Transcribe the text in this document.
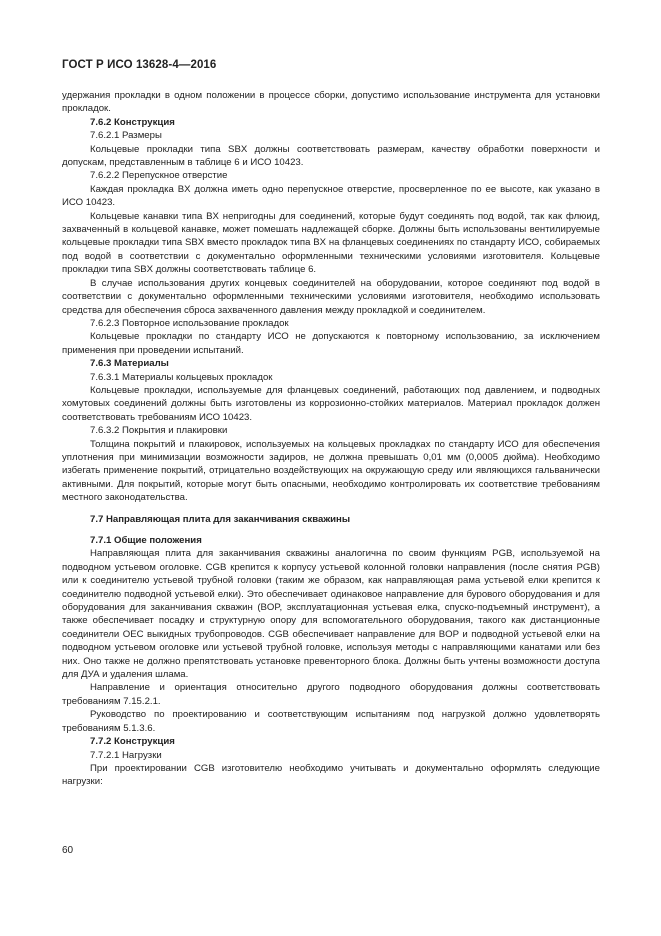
ГОСТ Р ИСО 13628-4—2016
удержания прокладки в одном положении в процессе сборки, допустимо использование инструмента для установки прокладок.
7.6.2 Конструкция
7.6.2.1 Размеры
Кольцевые прокладки типа SBX должны соответствовать размерам, качеству обработки поверхности и допускам, представленным в таблице 6 и ИСО 10423.
7.6.2.2 Перепускное отверстие
Каждая прокладка BX должна иметь одно перепускное отверстие, просверленное по ее высоте, как указано в ИСО 10423.
Кольцевые канавки типа BX непригодны для соединений, которые будут соединять под водой, так как флюид, захваченный в кольцевой канавке, может помешать надлежащей сборке. Должны быть использованы вентилируемые кольцевые прокладки типа SBX вместо прокладок типа BX на фланцевых соединениях по стандарту ИСО, собираемых под водой в соответствии с документально оформленными техническими условиями изготовителя. Кольцевые прокладки типа SBX должны соответствовать таблице 6.
В случае использования других концевых соединителей на оборудовании, которое соединяют под водой в соответствии с документально оформленными техническими условиями изготовителя, необходимо использовать средства для обеспечения сброса захваченного давления между прокладкой и соединителем.
7.6.2.3 Повторное использование прокладок
Кольцевые прокладки по стандарту ИСО не допускаются к повторному использованию, за исключением применения при проведении испытаний.
7.6.3 Материалы
7.6.3.1 Материалы кольцевых прокладок
Кольцевые прокладки, используемые для фланцевых соединений, работающих под давлением, и подводных хомутовых соединений должны быть изготовлены из коррозионно-стойких материалов. Материал прокладок должен соответствовать требованиям ИСО 10423.
7.6.3.2 Покрытия и плакировки
Толщина покрытий и плакировок, используемых на кольцевых прокладках по стандарту ИСО для обеспечения уплотнения при минимизации возможности задиров, не должна превышать 0,01 мм (0,0005 дюйма). Необходимо избегать применение покрытий, отрицательно воздействующих на окружающую среду или являющихся гальванически активными. Для покрытий, которые могут быть опасными, необходимо контролировать их соответствие требованиям местного законодательства.
7.7 Направляющая плита для заканчивания скважины
7.7.1 Общие положения
Направляющая плита для заканчивания скважины аналогична по своим функциям PGB, используемой на подводном устьевом оголовке. CGB крепится к корпусу устьевой колонной головки направления (после снятия PGB) или к соединителю устьевой трубной головки (таким же образом, как направляющая рама устьевой елки крепится к соединителю подводной устьевой елки). Это обеспечивает одинаковое направление для бурового оборудования и для оборудования для заканчивания скважин (BOP, эксплуатационная устьевая елка, спуско-подъемный инструмент), а также обеспечивает посадку и структурную опору для вспомогательного оборудования, такого как дистанционные соединители OEC выкидных трубопроводов. CGB обеспечивает направление для BOP и подводной устьевой елки на подводном устьевом оголовке или устьевой трубной головке, используя методы с направляющими канатами или без них. Оно также не должно препятствовать установке превенторного блока. Должны быть учтены возможности доступа для ДУА и удаления шлама.
Направление и ориентация относительно другого подводного оборудования должны соответствовать требованиям 7.15.2.1.
Руководство по проектированию и соответствующим испытаниям под нагрузкой должно удовлетворять требованиям 5.1.3.6.
7.7.2 Конструкция
7.7.2.1 Нагрузки
При проектировании CGB изготовителю необходимо учитывать и документально оформлять следующие нагрузки:
60
